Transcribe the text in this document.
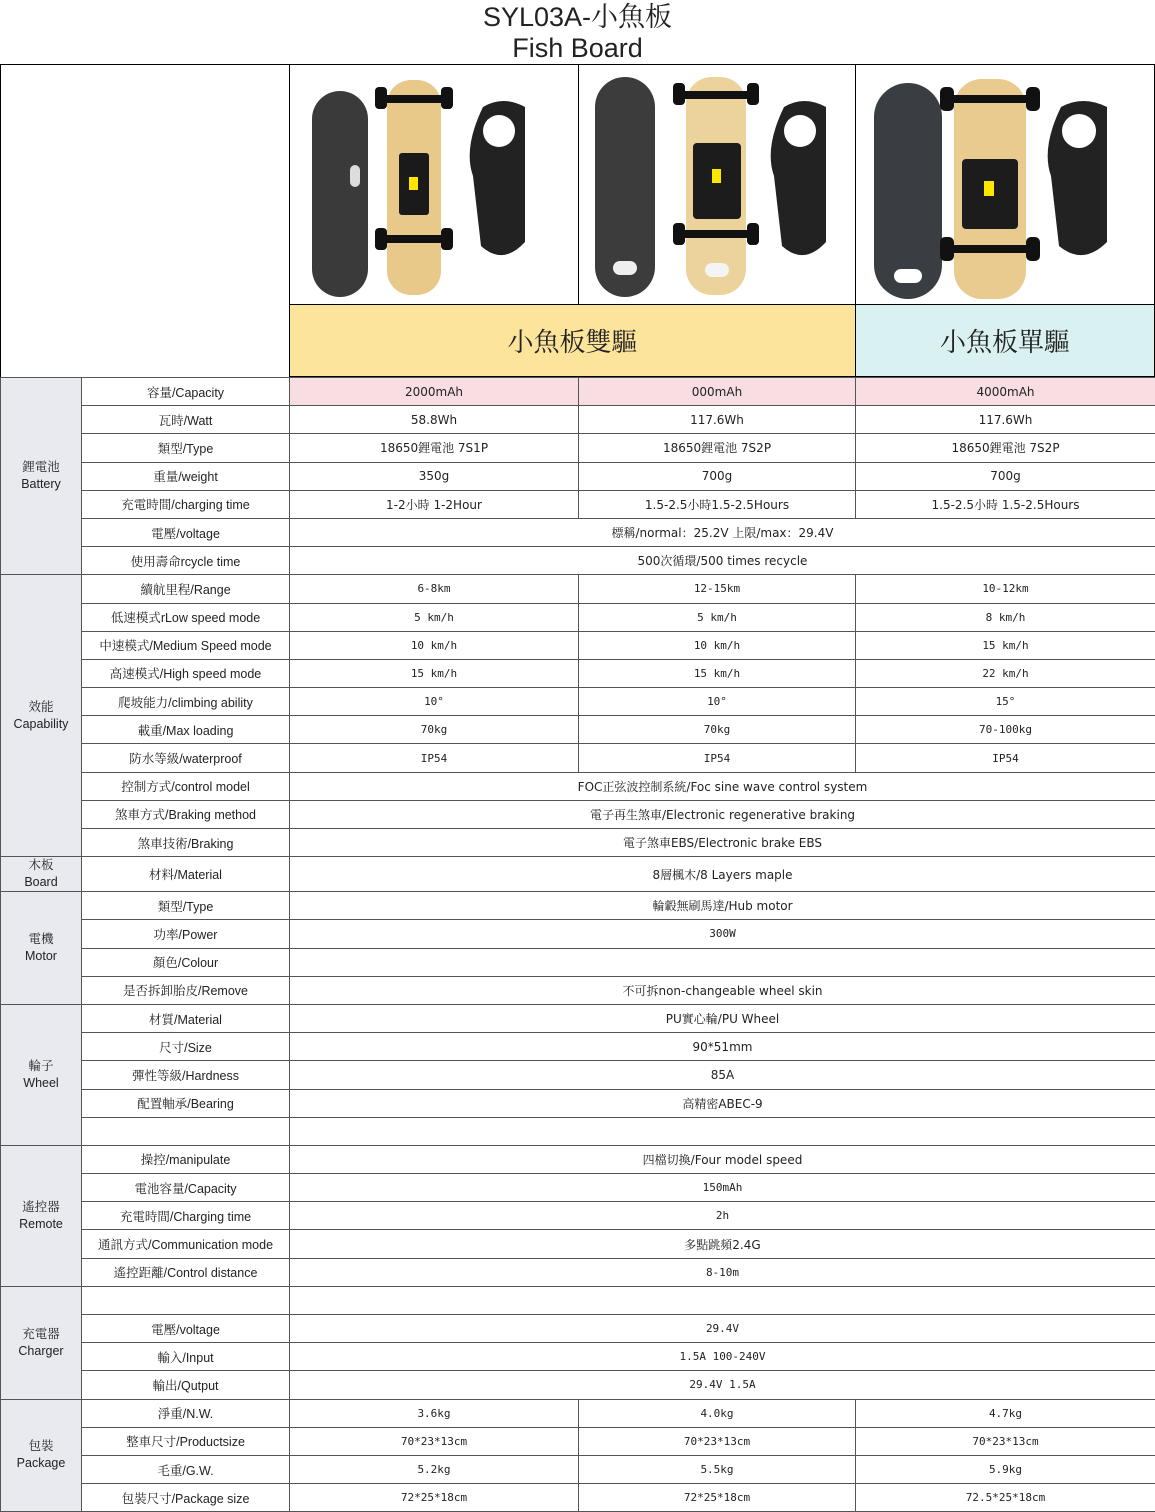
SYL03A-小魚板
Fish Board
小魚板雙驅	小魚板單驅
鋰電池
Battery	容量/Capacity	2000mAh	000mAh	4000mAh
	瓦時/Watt	58.8Wh	117.6Wh	117.6Wh
	類型/Type	18650鋰電池 7S1P	18650鋰電池 7S2P	18650鋰電池 7S2P
	重量/weight	350g	700g	700g
	充電時間/charging time	1-2小時 1-2Hour	1.5-2.5小時1.5-2.5Hours	1.5-2.5小時 1.5-2.5Hours
	電壓/voltage	標稱/normal：25.2V 上限/max：29.4V		
	使用壽命rcycle time	500次循環/500 times recycle		
效能
Capability	續航里程/Range	6-8km	12-15km	10-12km
	低速模式rLow speed mode	5 km/h	5 km/h	8 km/h
	中速模式/Medium Speed mode	10 km/h	10 km/h	15 km/h
	高速模式/High speed mode	15 km/h	15 km/h	22 km/h
	爬坡能力/climbing ability	10°	10°	15°
	載重/Max loading	70kg	70kg	70-100kg
	防水等級/waterproof	IP54	IP54	IP54
	控制方式/control model	FOC正弦波控制系統/Foc sine wave control system		
	煞車方式/Braking method	電子再生煞車/Electronic regenerative braking		
	煞車技術/Braking	電子煞車EBS/Electronic brake EBS		
木板
Board	材料/Material	8層楓木/8 Layers maple		
電機
Motor	類型/Type	輪轂無刷馬達/Hub motor		
	功率/Power	300W		
	顏色/Colour			
	是否拆卸胎皮/Remove	不可拆non-changeable wheel skin		
輪子
Wheel	材質/Material	PU實心輪/PU Wheel		
	尺寸/Size	90*51mm		
	彈性等級/Hardness	85A		
	配置軸承/Bearing	高精密ABEC-9		

遙控器
Remote	操控/manipulate	四檔切換/Four model speed		
	電池容量/Capacity	150mAh		
	充電時間/Charging time	2h		
	通訊方式/Communication mode	多點跳頻2.4G		
	遙控距離/Control distance	8-10m		
充電器
Charger				
	電壓/voltage	29.4V		
	輸入/Input	1.5A 100-240V		
	輸出/Qutput	29.4V 1.5A		
包裝
Package	淨重/N.W.	3.6kg	4.0kg	4.7kg
	整車尺寸/Productsize	70*23*13cm	70*23*13cm	70*23*13cm
	毛重/G.W.	5.2kg	5.5kg	5.9kg
	包裝尺寸/Package size	72*25*18cm	72*25*18cm	72.5*25*18cm
